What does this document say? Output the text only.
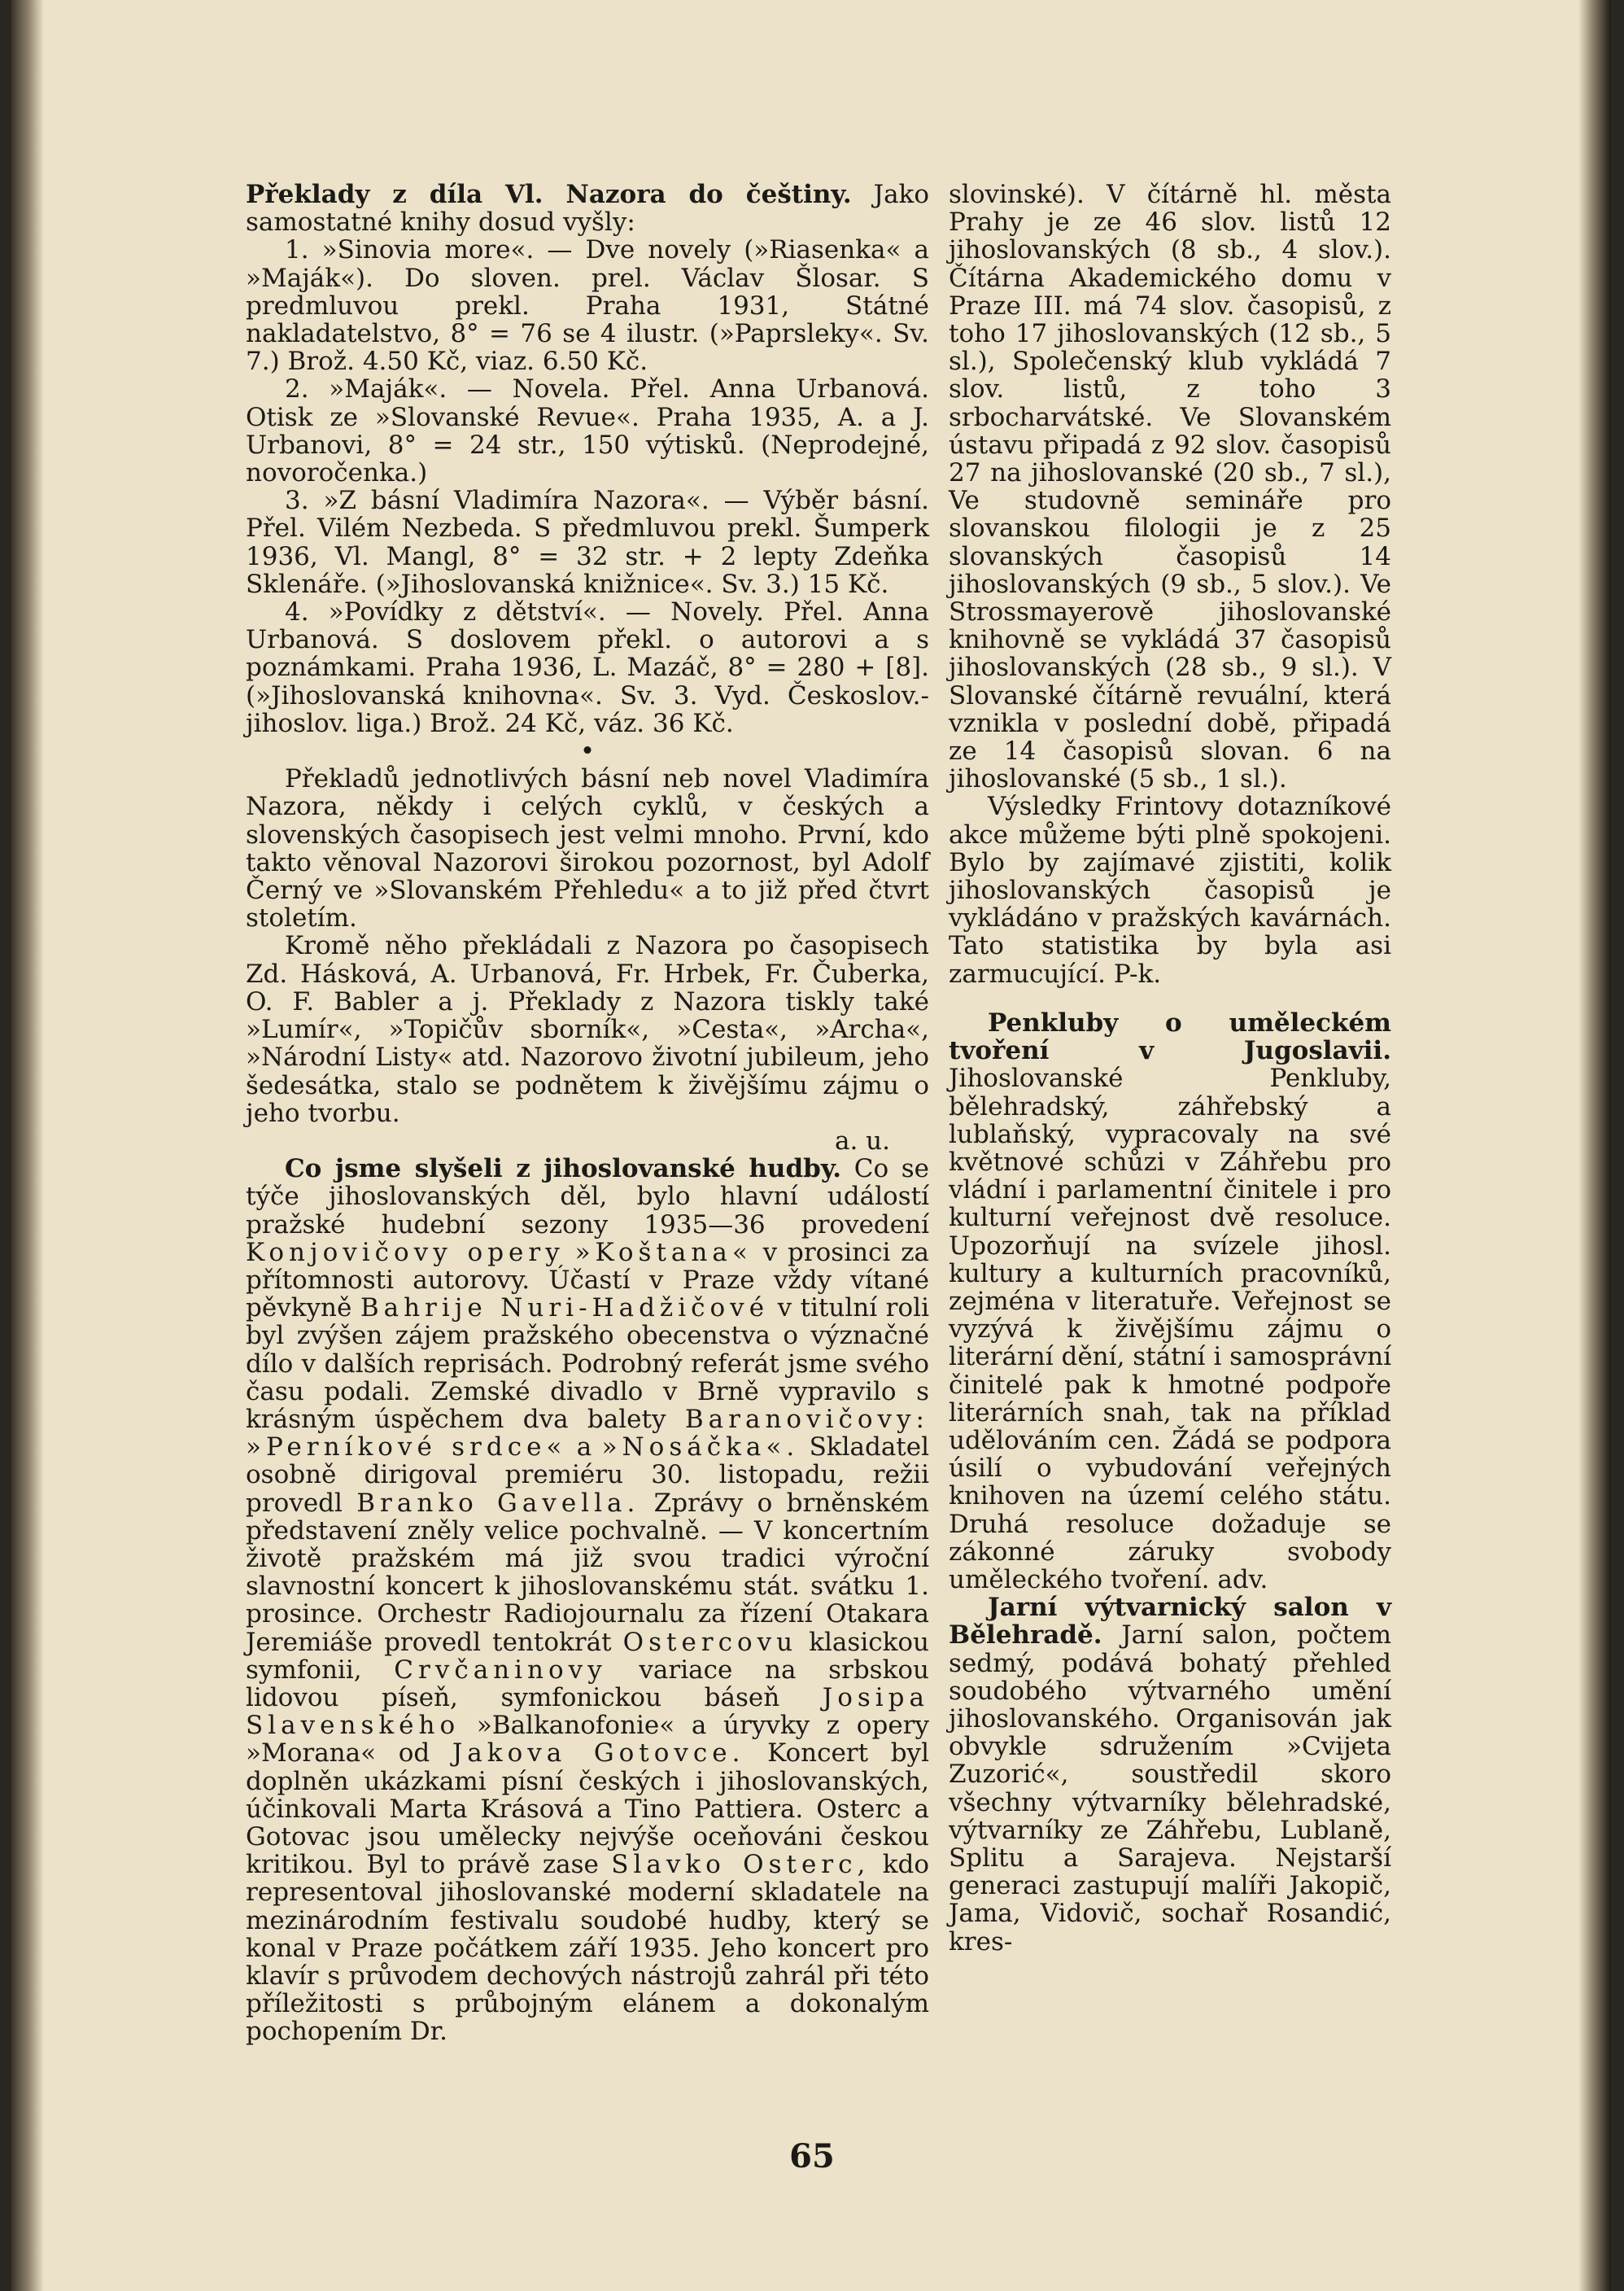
Překlady z díla Vl. Nazora do češtiny. Jako samostatné knihy dosud vyšly:

1. »Sinovia more«. — Dve novely (»Riasenka« a »Maják«). Do sloven. prel. Václav Šlosar. S predmluvou prekl. Praha 1931, Státné nakladatelstvo, 8° = 76 se 4 ilustr. (»Paprsleky«. Sv. 7.) Brož. 4.50 Kč, viaz. 6.50 Kč.

2. »Maják«. — Novela. Přel. Anna Urbanová. Otisk ze »Slovanské Revue«. Praha 1935, A. a J. Urbanovi, 8° = 24 str., 150 výtisků. (Neprodejné, novoročenka.)

3. »Z básní Vladimíra Nazora«. — Výběr básní. Přel. Vilém Nezbeda. S předmluvou prekl. Šumperk 1936, Vl. Mangl, 8° = 32 str. + 2 lepty Zdeňka Sklenáře. (»Jihoslovanská knižnice«. Sv. 3.) 15 Kč.

4. »Povídky z dětství«. — Novely. Přel. Anna Urbanová. S doslovem překl. o autorovi a s poznámkami. Praha 1936, L. Mazáč, 8° = 280 + [8]. (»Jihoslovanská knihovna«. Sv. 3. Vyd. Českoslov.-jihoslov. liga.) Brož. 24 Kč, váz. 36 Kč.

•

Překladů jednotlivých básní neb novel Vladimíra Nazora, někdy i celých cyklů, v českých a slovenských časopisech jest velmi mnoho. První, kdo takto věnoval Nazorovi širokou pozornost, byl Adolf Černý ve »Slovanském Přehledu« a to již před čtvrt stoletím.

Kromě něho překládali z Nazora po časopisech Zd. Hásková, A. Urbanová, Fr. Hrbek, Fr. Čuberka, O. F. Babler a j. Překlady z Nazora tiskly také »Lumír«, »Topičův sborník«, »Cesta«, »Archa«, »Národní Listy« atd. Nazorovo životní jubileum, jeho šedesátka, stalo se podnětem k živějšímu zájmu o jeho tvorbu.

a. u.

Co jsme slyšeli z jihoslovanské hudby. Co se týče jihoslovanských děl, bylo hlavní událostí pražské hudební sezony 1935—36 provedení Konjovičovy opery »Koštana« v prosinci za přítomnosti autorovy. Účastí v Praze vždy vítané pěvkyně Bahrije Nuri-Hadžičové v titulní roli byl zvýšen zájem pražského obecenstva o význačné dílo v dalších reprisách. Podrobný referát jsme svého času podali. Zemské divadlo v Brně vypravilo s krásným úspěchem dva balety Baranovičovy: »Perníkové srdce« a »Nosáčka«. Skladatel osobně dirigoval premiéru 30. listopadu, režii provedl Branko Gavella. Zprávy o brněnském představení zněly velice pochvalně. — V koncertním životě pražském má již svou tradici výroční slavnostní koncert k jihoslovanskému stát. svátku 1. prosince. Orchestr Radiojournalu za řízení Otakara Jeremiáše provedl tentokrát Ostercovu klasickou symfonii, Crvčaninovy variace na srbskou lidovou píseň, symfonickou báseň Josipa Slavenského »Balkanofonie« a úryvky z opery »Morana« od Jakova Gotovce. Koncert byl doplněn ukázkami písní českých i jihoslovanských, účinkovali Marta Krásová a Tino Pattiera. Osterc a Gotovac jsou umělecky nejvýše oceňováni českou kritikou. Byl to právě zase Slavko Osterc, kdo representoval jihoslovanské moderní skladatele na mezinárodním festivalu soudobé hudby, který se konal v Praze počátkem září 1935. Jeho koncert pro klavír s průvodem dechových nástrojů zahrál při této příležitosti s průbojným elánem a dokonalým pochopením Dr.

slovinské). V čítárně hl. města Prahy je ze 46 slov. listů 12 jihoslovanských (8 sb., 4 slov.). Čítárna Akademického domu v Praze III. má 74 slov. časopisů, z toho 17 jihoslovanských (12 sb., 5 sl.), Společenský klub vykládá 7 slov. listů, z toho 3 srbocharvátské. Ve Slovanském ústavu připadá z 92 slov. časopisů 27 na jihoslovanské (20 sb., 7 sl.), Ve studovně semináře pro slovanskou filologii je z 25 slovanských časopisů 14 jihoslovanských (9 sb., 5 slov.). Ve Strossmayerově jihoslovanské knihovně se vykládá 37 časopisů jihoslovanských (28 sb., 9 sl.). V Slovanské čítárně revuální, která vznikla v poslední době, připadá ze 14 časopisů slovan. 6 na jihoslovanské (5 sb., 1 sl.).

Výsledky Frintovy dotazníkové akce můžeme býti plně spokojeni. Bylo by zajímavé zjistiti, kolik jihoslovanských časopisů je vykládáno v pražských kavárnách. Tato statistika by byla asi zarmucující. P-k.

Penkluby o uměleckém tvoření v Jugoslavii. Jihoslovanské Penkluby, bělehradský, záhřebský a lublaňský, vypracovaly na své květnové schůzi v Záhřebu pro vládní i parlamentní činitele i pro kulturní veřejnost dvě resoluce. Upozorňují na svízele jihosl. kultury a kulturních pracovníků, zejména v literatuře. Veřejnost se vyzývá k živějšímu zájmu o literární dění, státní i samosprávní činitelé pak k hmotné podpoře literárních snah, tak na příklad udělováním cen. Žádá se podpora úsilí o vybudování veřejných knihoven na území celého státu. Druhá resoluce dožaduje se zákonné záruky svobody uměleckého tvoření. adv.

Jarní výtvarnický salon v Bělehradě. Jarní salon, počtem sedmý, podává bohatý přehled soudobého výtvarného umění jihoslovanského. Organisován jak obvykle sdružením »Cvijeta Zuzorić«, soustředil skoro všechny výtvarníky bělehradské, výtvarníky ze Záhřebu, Lublaně, Splitu a Sarajeva. Nejstarší generaci zastupují malíři Jakopič, Jama, Vidovič, sochař Rosandić, kres-

65
